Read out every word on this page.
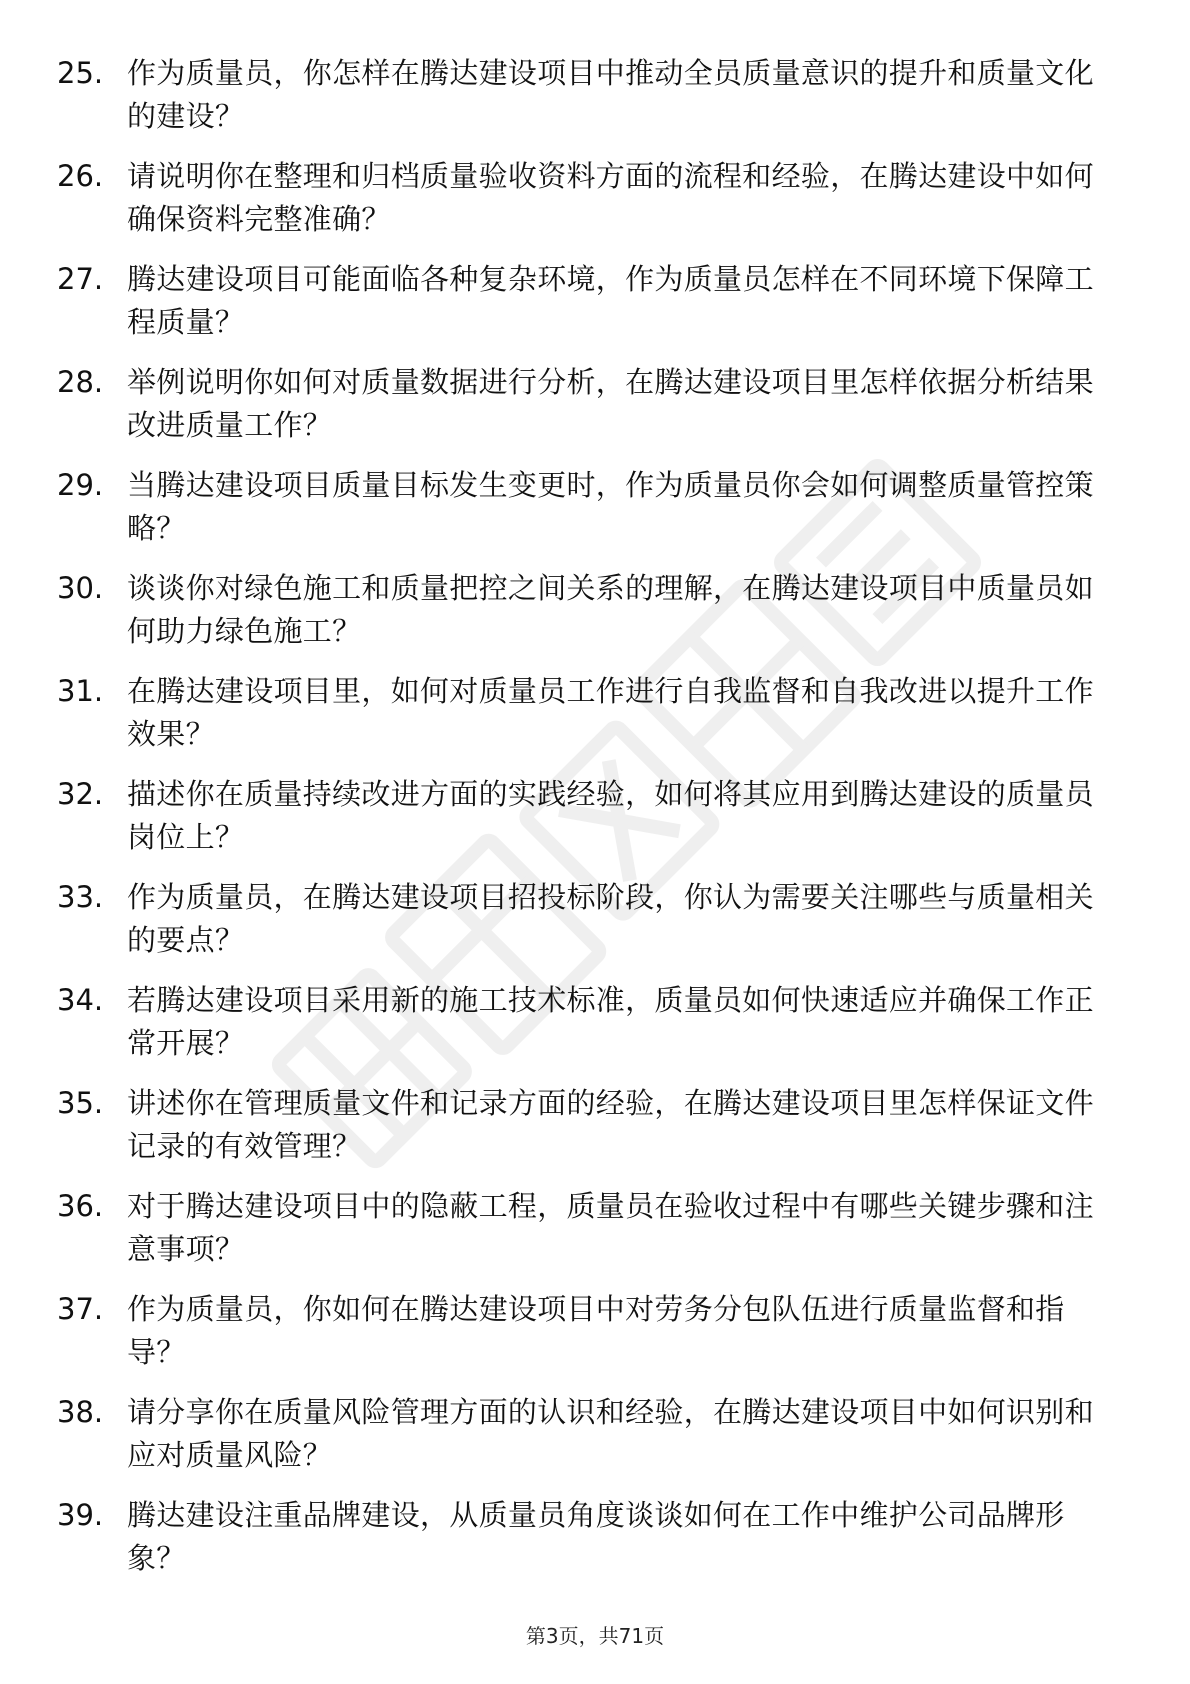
25. 作为质量员，你怎样在腾达建设项目中推动全员质量意识的提升和质量文化的建设？
26. 请说明你在整理和归档质量验收资料方面的流程和经验，在腾达建设中如何确保资料完整准确？
27. 腾达建设项目可能面临各种复杂环境，作为质量员怎样在不同环境下保障工程质量？
28. 举例说明你如何对质量数据进行分析，在腾达建设项目里怎样依据分析结果改进质量工作？
29. 当腾达建设项目质量目标发生变更时，作为质量员你会如何调整质量管控策略？
30. 谈谈你对绿色施工和质量把控之间关系的理解，在腾达建设项目中质量员如何助力绿色施工？
31. 在腾达建设项目里，如何对质量员工作进行自我监督和自我改进以提升工作效果？
32. 描述你在质量持续改进方面的实践经验，如何将其应用到腾达建设的质量员岗位上？
33. 作为质量员，在腾达建设项目招投标阶段，你认为需要关注哪些与质量相关的要点？
34. 若腾达建设项目采用新的施工技术标准，质量员如何快速适应并确保工作正常开展？
35. 讲述你在管理质量文件和记录方面的经验，在腾达建设项目里怎样保证文件记录的有效管理？
36. 对于腾达建设项目中的隐蔽工程，质量员在验收过程中有哪些关键步骤和注意事项？
37. 作为质量员，你如何在腾达建设项目中对劳务分包队伍进行质量监督和指导？
38. 请分享你在质量风险管理方面的认识和经验，在腾达建设项目中如何识别和应对质量风险？
39. 腾达建设注重品牌建设，从质量员角度谈谈如何在工作中维护公司品牌形象？
第3页，共71页
